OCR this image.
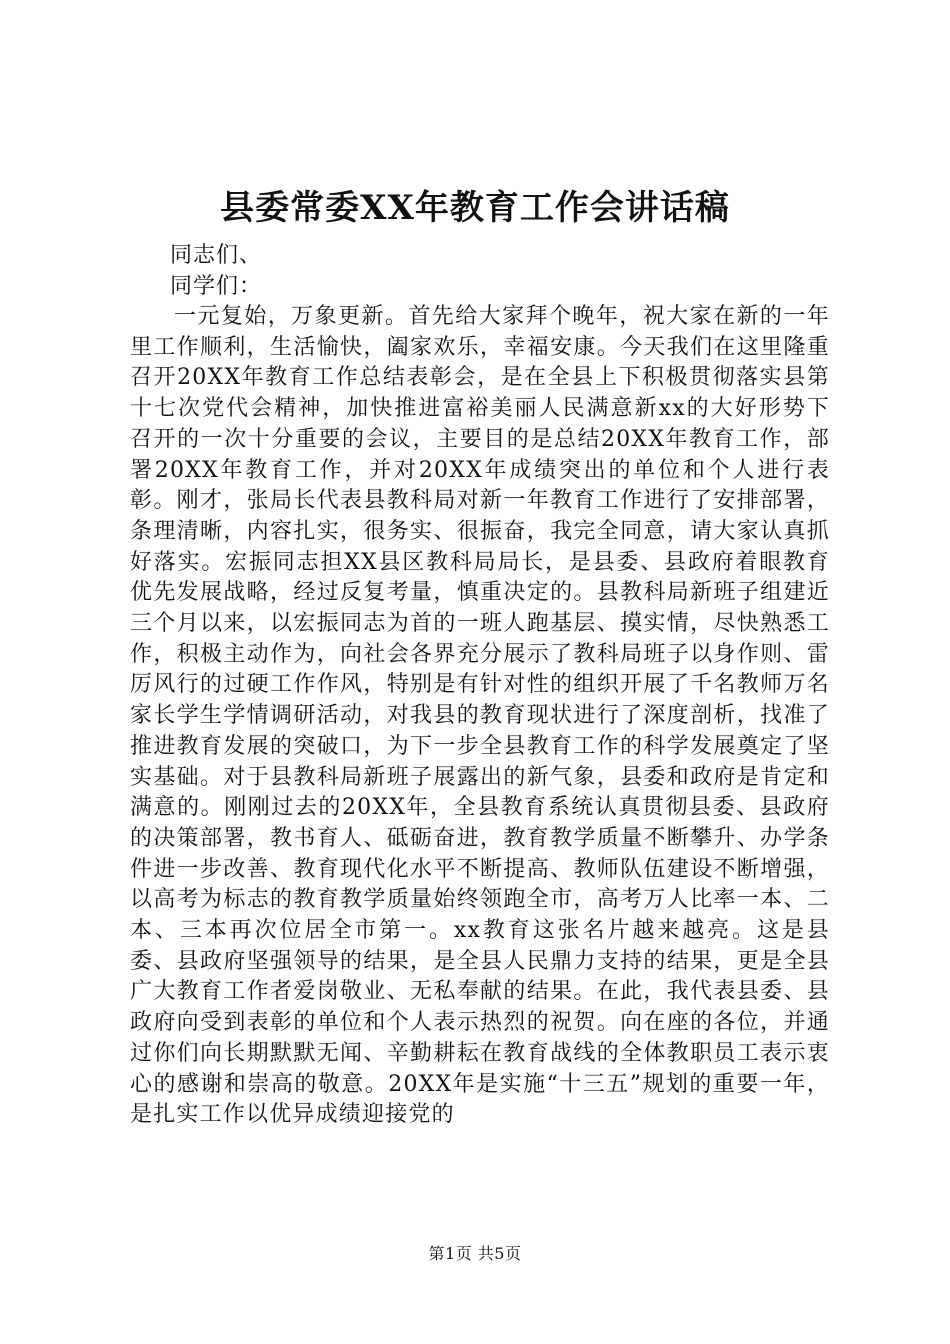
县委常委XX年教育工作会讲话稿
同志们、
同学们：
一元复始，万象更新。首先给大家拜个晚年，祝大家在新的一年里工作顺利，生活愉快，阖家欢乐，幸福安康。今天我们在这里隆重召开20XX年教育工作总结表彰会，是在全县上下积极贯彻落实县第十七次党代会精神，加快推进富裕美丽人民满意新xx的大好形势下召开的一次十分重要的会议，主要目的是总结20XX年教育工作，部署20XX年教育工作，并对20XX年成绩突出的单位和个人进行表彰。刚才，张局长代表县教科局对新一年教育工作进行了安排部署，条理清晰，内容扎实，很务实、很振奋，我完全同意，请大家认真抓好落实。宏振同志担XX县区教科局局长，是县委、县政府着眼教育优先发展战略，经过反复考量，慎重决定的。县教科局新班子组建近三个月以来，以宏振同志为首的一班人跑基层、摸实情，尽快熟悉工作，积极主动作为，向社会各界充分展示了教科局班子以身作则、雷厉风行的过硬工作作风，特别是有针对性的组织开展了千名教师万名家长学生学情调研活动，对我县的教育现状进行了深度剖析，找准了推进教育发展的突破口，为下一步全县教育工作的科学发展奠定了坚实基础。对于县教科局新班子展露出的新气象，县委和政府是肯定和满意的。刚刚过去的20XX年，全县教育系统认真贯彻县委、县政府的决策部署，教书育人、砥砺奋进，教育教学质量不断攀升、办学条件进一步改善、教育现代化水平不断提高、教师队伍建设不断增强，以高考为标志的教育教学质量始终领跑全市，高考万人比率一本、二本、三本再次位居全市第一。xx教育这张名片越来越亮。这是县委、县政府坚强领导的结果，是全县人民鼎力支持的结果，更是全县广大教育工作者爱岗敬业、无私奉献的结果。在此，我代表县委、县政府向受到表彰的单位和个人表示热烈的祝贺。向在座的各位，并通过你们向长期默默无闻、辛勤耕耘在教育战线的全体教职员工表示衷心的感谢和崇高的敬意。20XX年是实施“十三五”规划的重要一年，是扎实工作以优异成绩迎接党的
第1页 共5页
